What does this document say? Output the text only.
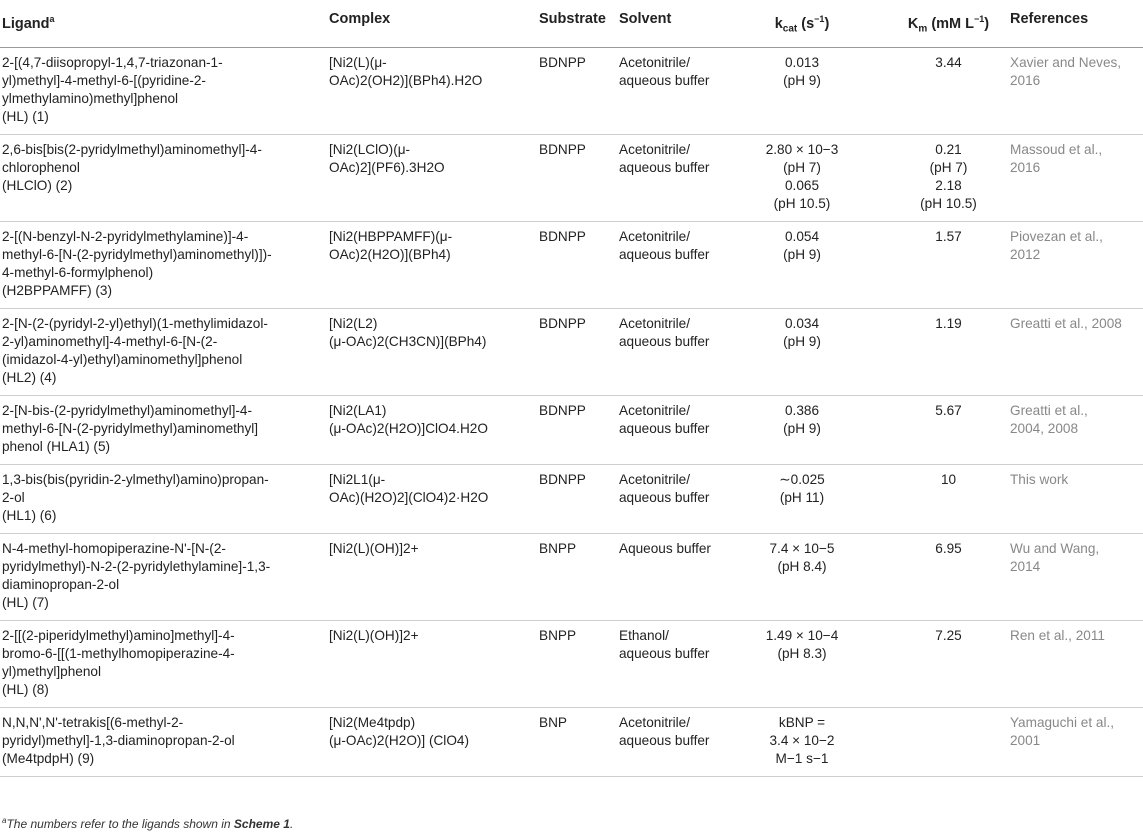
Ligand$^a$	Complex	Substrate	Solvent	$k_{cat}$ $(s^{-1})$	$K_m$ (mM $L^{-1}$)	References

2-[(4,7-diisopropyl-1,4,7-triazonan-1-
yl)methyl]-4-methyl-6-[(pyridine-2-
ylmethylamino)methyl]phenol
(HL) (1)	[Ni2(L)(μ-
OAc)2(OH2)](BPh4).H2O	BDNPP	Acetonitrile/
aqueous buffer	0.013
(pH 9)	3.44	Xavier and Neves,
2016

2,6-bis[bis(2-pyridylmethyl)aminomethyl]-4-
chlorophenol
(HLClO) (2)	[Ni2(LClO)(μ-
OAc)2](PF6).3H2O	BDNPP	Acetonitrile/
aqueous buffer	2.80 × 10−3
(pH 7)
0.065
(pH 10.5)	0.21
(pH 7)
2.18
(pH 10.5)	Massoud et al.,
2016

2-[(N-benzyl-N-2-pyridylmethylamine)]-4-
methyl-6-[N-(2-pyridylmethyl)aminomethyl)])-
4-methyl-6-formylphenol)
(H2BPPAMFF) (3)	[Ni2(HBPPAMFF)(μ-
OAc)2(H2O)](BPh4)	BDNPP	Acetonitrile/
aqueous buffer	0.054
(pH 9)	1.57	Piovezan et al.,
2012

2-[N-(2-(pyridyl-2-yl)ethyl)(1-methylimidazol-
2-yl)aminomethyl]-4-methyl-6-[N-(2-
(imidazol-4-yl)ethyl)aminomethyl]phenol
(HL2) (4)	[Ni2(L2)
(μ-OAc)2(CH3CN)](BPh4)	BDNPP	Acetonitrile/
aqueous buffer	0.034
(pH 9)	1.19	Greatti et al., 2008

2-[N-bis-(2-pyridylmethyl)aminomethyl]-4-
methyl-6-[N-(2-pyridylmethyl)aminomethyl]
phenol (HLA1) (5)	[Ni2(LA1)
(μ-OAc)2(H2O)]ClO4.H2O	BDNPP	Acetonitrile/
aqueous buffer	0.386
(pH 9)	5.67	Greatti et al.,
2004, 2008

1,3-bis(bis(pyridin-2-ylmethyl)amino)propan-
2-ol
(HL1) (6)	[Ni2L1(μ-
OAc)(H2O)2](ClO4)2·H2O	BDNPP	Acetonitrile/
aqueous buffer	∼0.025
(pH 11)	10	This work

N-4-methyl-homopiperazine-N'-[N-(2-
pyridylmethyl)-N-2-(2-pyridylethylamine]-1,3-
diaminopropan-2-ol
(HL) (7)	[Ni2(L)(OH)]2+	BNPP	Aqueous buffer	7.4 × 10−5
(pH 8.4)	6.95	Wu and Wang,
2014

2-[[(2-piperidylmethyl)amino]methyl]-4-
bromo-6-[[(1-methylhomopiperazine-4-
yl)methyl]phenol
(HL) (8)	[Ni2(L)(OH)]2+	BNPP	Ethanol/
aqueous buffer	1.49 × 10−4
(pH 8.3)	7.25	Ren et al., 2011

N,N,N',N'-tetrakis[(6-methyl-2-
pyridyl)methyl]-1,3-diaminopropan-2-ol
(Me4tpdpH) (9)	[Ni2(Me4tpdp)
(μ-OAc)2(H2O)] (ClO4)	BNP	Acetonitrile/
aqueous buffer	kBNP =
3.4 × 10−2
M−1 s−1		Yamaguchi et al.,
2001
$^a$The numbers refer to the ligands shown in Scheme 1.
